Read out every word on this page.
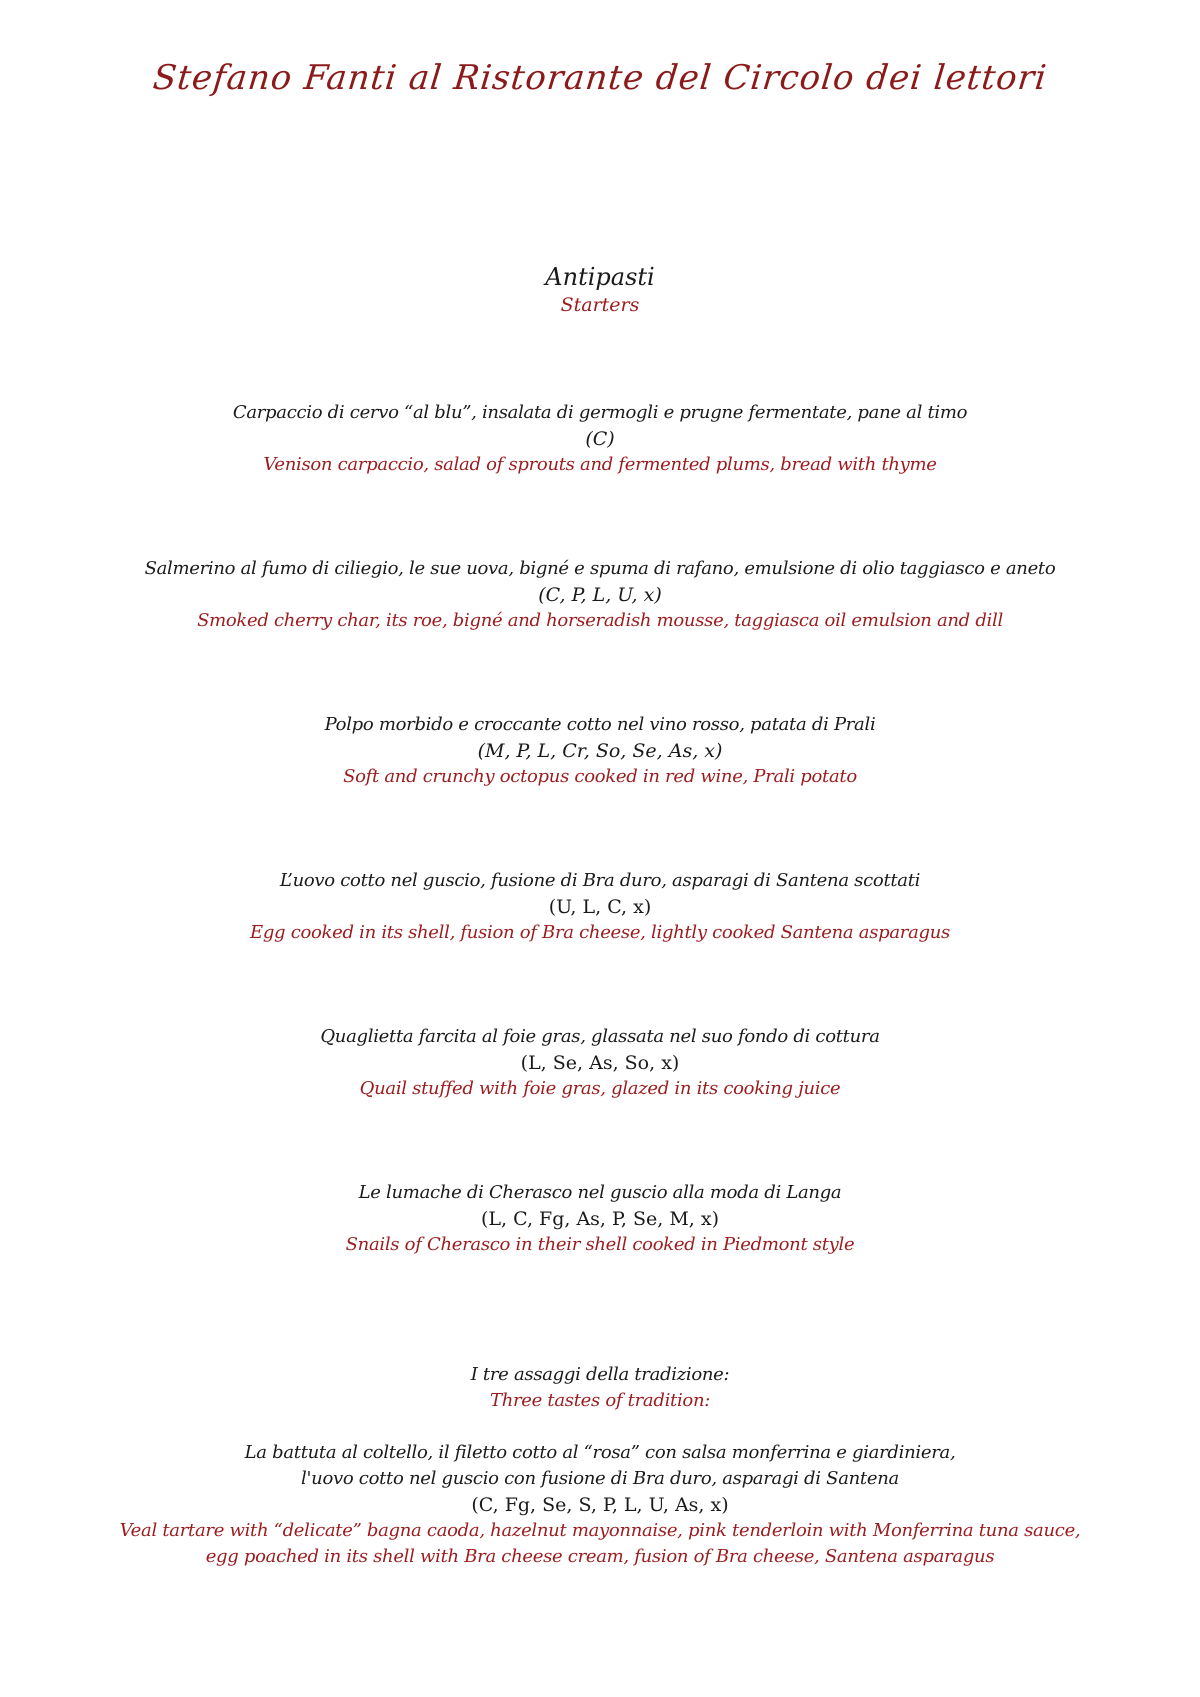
Stefano Fanti al Ristorante del Circolo dei lettori
Antipasti
Starters
Carpaccio di cervo “al blu”, insalata di germogli e prugne fermentate, pane al timo
(C)
Venison carpaccio, salad of sprouts and fermented plums, bread with thyme
Salmerino al fumo di ciliegio, le sue uova, bigné e spuma di rafano, emulsione di olio taggiasco e aneto
(C, P, L, U, x)
Smoked cherry char, its roe, bigné and horseradish mousse, taggiasca oil emulsion and dill
Polpo morbido e croccante cotto nel vino rosso, patata di Prali
(M, P, L, Cr, So, Se, As, x)
Soft and crunchy octopus cooked in red wine, Prali potato
L’uovo cotto nel guscio, fusione di Bra duro, asparagi di Santena scottati
(U, L, C, x)
Egg cooked in its shell, fusion of Bra cheese, lightly cooked Santena asparagus
Quaglietta farcita al foie gras, glassata nel suo fondo di cottura
(L, Se, As, So, x)
Quail stuffed with foie gras, glazed in its cooking juice
Le lumache di Cherasco nel guscio alla moda di Langa
(L, C, Fg, As, P, Se, M, x)
Snails of Cherasco in their shell cooked in Piedmont style
I tre assaggi della tradizione:
Three tastes of tradition:
La battuta al coltello, il filetto cotto al “rosa” con salsa monferrina e giardiniera,
l'uovo cotto nel guscio con fusione di Bra duro, asparagi di Santena
(C, Fg, Se, S, P, L, U, As, x)
Veal tartare with “delicate” bagna caoda, hazelnut mayonnaise, pink tenderloin with Monferrina tuna sauce,
egg poached in its shell with Bra cheese cream, fusion of Bra cheese, Santena asparagus
